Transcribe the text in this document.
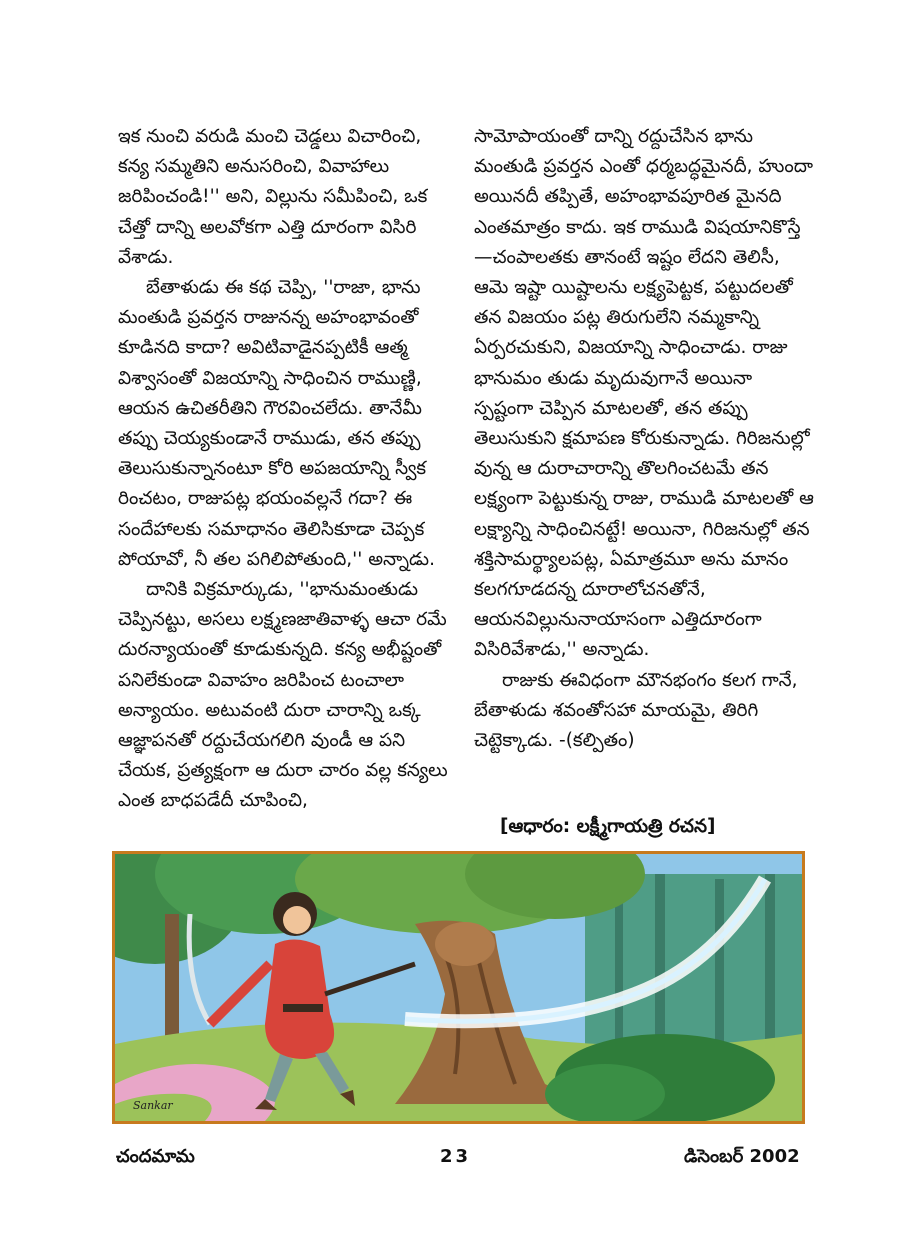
ఇక నుంచి వరుడి మంచి చెడ్డలు విచారించి, కన్య సమ్మతిని అనుసరించి, వివాహాలు జరిపించండి!'' అని, విల్లును సమీపించి, ఒక చేత్తో దాన్ని అలవోకగా ఎత్తి దూరంగా విసిరి వేశాడు.

బేతాళుడు ఈ కథ చెప్పి, ''రాజా, భాను మంతుడి ప్రవర్తన రాజునన్న అహంభావంతో కూడినది కాదా? అవిటివాడైనప్పటికీ ఆత్మ విశ్వాసంతో విజయాన్ని సాధించిన రాముణ్ణి, ఆయన ఉచితరీతిని గౌరవించలేదు. తానేమీ తప్పు చెయ్యకుండానే రాముడు, తన తప్పు తెలుసుకున్నానంటూ కోరి అపజయాన్ని స్వీక రించటం, రాజుపట్ల భయంవల్లనే గదా? ఈ సందేహాలకు సమాధానం తెలిసికూడా చెప్పక పోయావో, నీ తల పగిలిపోతుంది,'' అన్నాడు.

దానికి విక్రమార్కుడు, ''భానుమంతుడు చెప్పినట్టు, అసలు లక్ష్మణజాతివాళ్ళ ఆచా రమే దురన్యాయంతో కూడుకున్నది. కన్య అభీష్టంతో పనిలేకుండా వివాహం జరిపించ టంచాలా అన్యాయం. అటువంటి దురా చారాన్ని ఒక్క ఆజ్ఞాపనతో రద్దుచేయగలిగి వుండీ ఆ పని చేయక, ప్రత్యక్షంగా ఆ దురా చారం వల్ల కన్యలు ఎంత బాధపడేదీ చూపించి,

సామోపాయంతో దాన్ని రద్దుచేసిన భాను మంతుడి ప్రవర్తన ఎంతో ధర్మబద్ధమైనదీ, హుందా అయినదీ తప్పితే, అహంభావపూరిత మైనది ఎంతమాత్రం కాదు. ఇక రాముడి విషయానికొస్తే—చంపాలతకు తానంటే ఇష్టం లేదని తెలిసీ, ఆమె ఇష్టా యిష్టాలను లక్ష్యపెట్టక, పట్టుదలతో తన విజయం పట్ల తిరుగులేని నమ్మకాన్ని ఏర్పరచుకుని, విజయాన్ని సాధించాడు. రాజు భానుమం తుడు మృదువుగానే అయినా స్పష్టంగా చెప్పిన మాటలతో, తన తప్పు తెలుసుకుని క్షమాపణ కోరుకున్నాడు. గిరిజనుల్లో వున్న ఆ దురాచారాన్ని తొలగించటమే తన లక్ష్యంగా పెట్టుకున్న రాజు, రాముడి మాటలతో ఆ లక్ష్యాన్ని సాధించినట్టే! అయినా, గిరిజనుల్లో తన శక్తిసామర్థ్యాలపట్ల, ఏమాత్రమూ అను మానం కలగగూడదన్న దూరాలోచనతోనే, ఆయనవిల్లునునాయాసంగా ఎత్తిదూరంగా విసిరివేశాడు,'' అన్నాడు.

రాజుకు ఈవిధంగా మౌనభంగం కలగ గానే, బేతాళుడు శవంతోసహా మాయమై, తిరిగి చెట్టెక్కాడు. -(కల్పితం)

[ఆధారం: లక్ష్మీగాయత్రి రచన]
Sankar
చందమామ	23	డిసెంబర్ 2002
